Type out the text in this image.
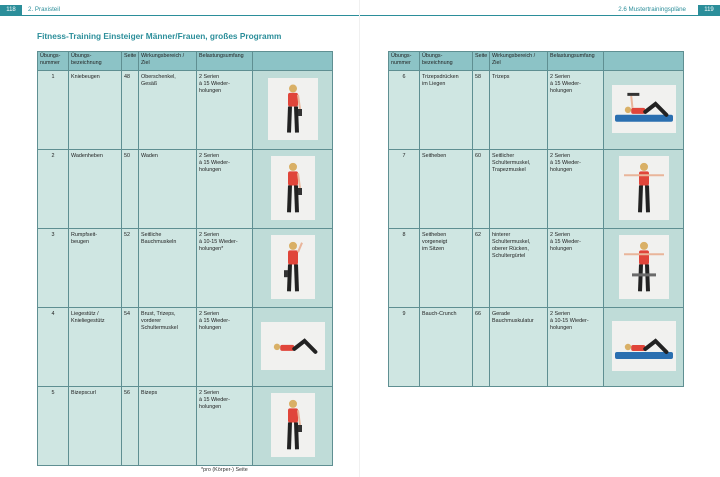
118	2. Praxisteil
Fitness-Training Einsteiger Männer/Frauen, großes Programm
Übungs-
nummer	Übungs-
bezeichnung	Seite	Wirkungsbereich /
Ziel	Belastungsumfang	
1	Kniebeugen	48	Oberschenkel,
Gesäß	2 Serien
à 15 Wieder-
holungen	

2	Wadenheben	50	Waden	2 Serien
à 15 Wieder-
holungen	

3	Rumpfseit-
beugen	52	Seitliche
Bauchmuskeln	2 Serien
à 10-15 Wieder-
holungen*	

4	Liegestütz /
Knieliegestütz	54	Brust, Trizeps,
vorderer
Schultermuskel	2 Serien
à 15 Wieder-
holungen	

5	Bizepscurl	56	Bizeps	2 Serien
à 15 Wieder-
holungen	
*pro (Körper-) Seite
119
2.6 Mustertrainingspläne
Übungs-
nummer	Übungs-
bezeichnung	Seite	Wirkungsbereich /
Ziel	Belastungsumfang	
6	Trizepsdrücken
im Liegen	58	Trizeps	2 Serien
à 15 Wieder-
holungen	

7	Seitheben	60	Seitlicher
Schultermuskel,
Trapezmuskel	2 Serien
à 15 Wieder-
holungen	

8	Seitheben
vorgeneigt
im Sitzen	62	hinterer
Schultermuskel,
oberer Rücken,
Schultergürtel	2 Serien
à 15 Wieder-
holungen	

9	Bauch-Crunch	66	Gerade
Bauchmuskulatur	2 Serien
à 10-15 Wieder-
holungen	
